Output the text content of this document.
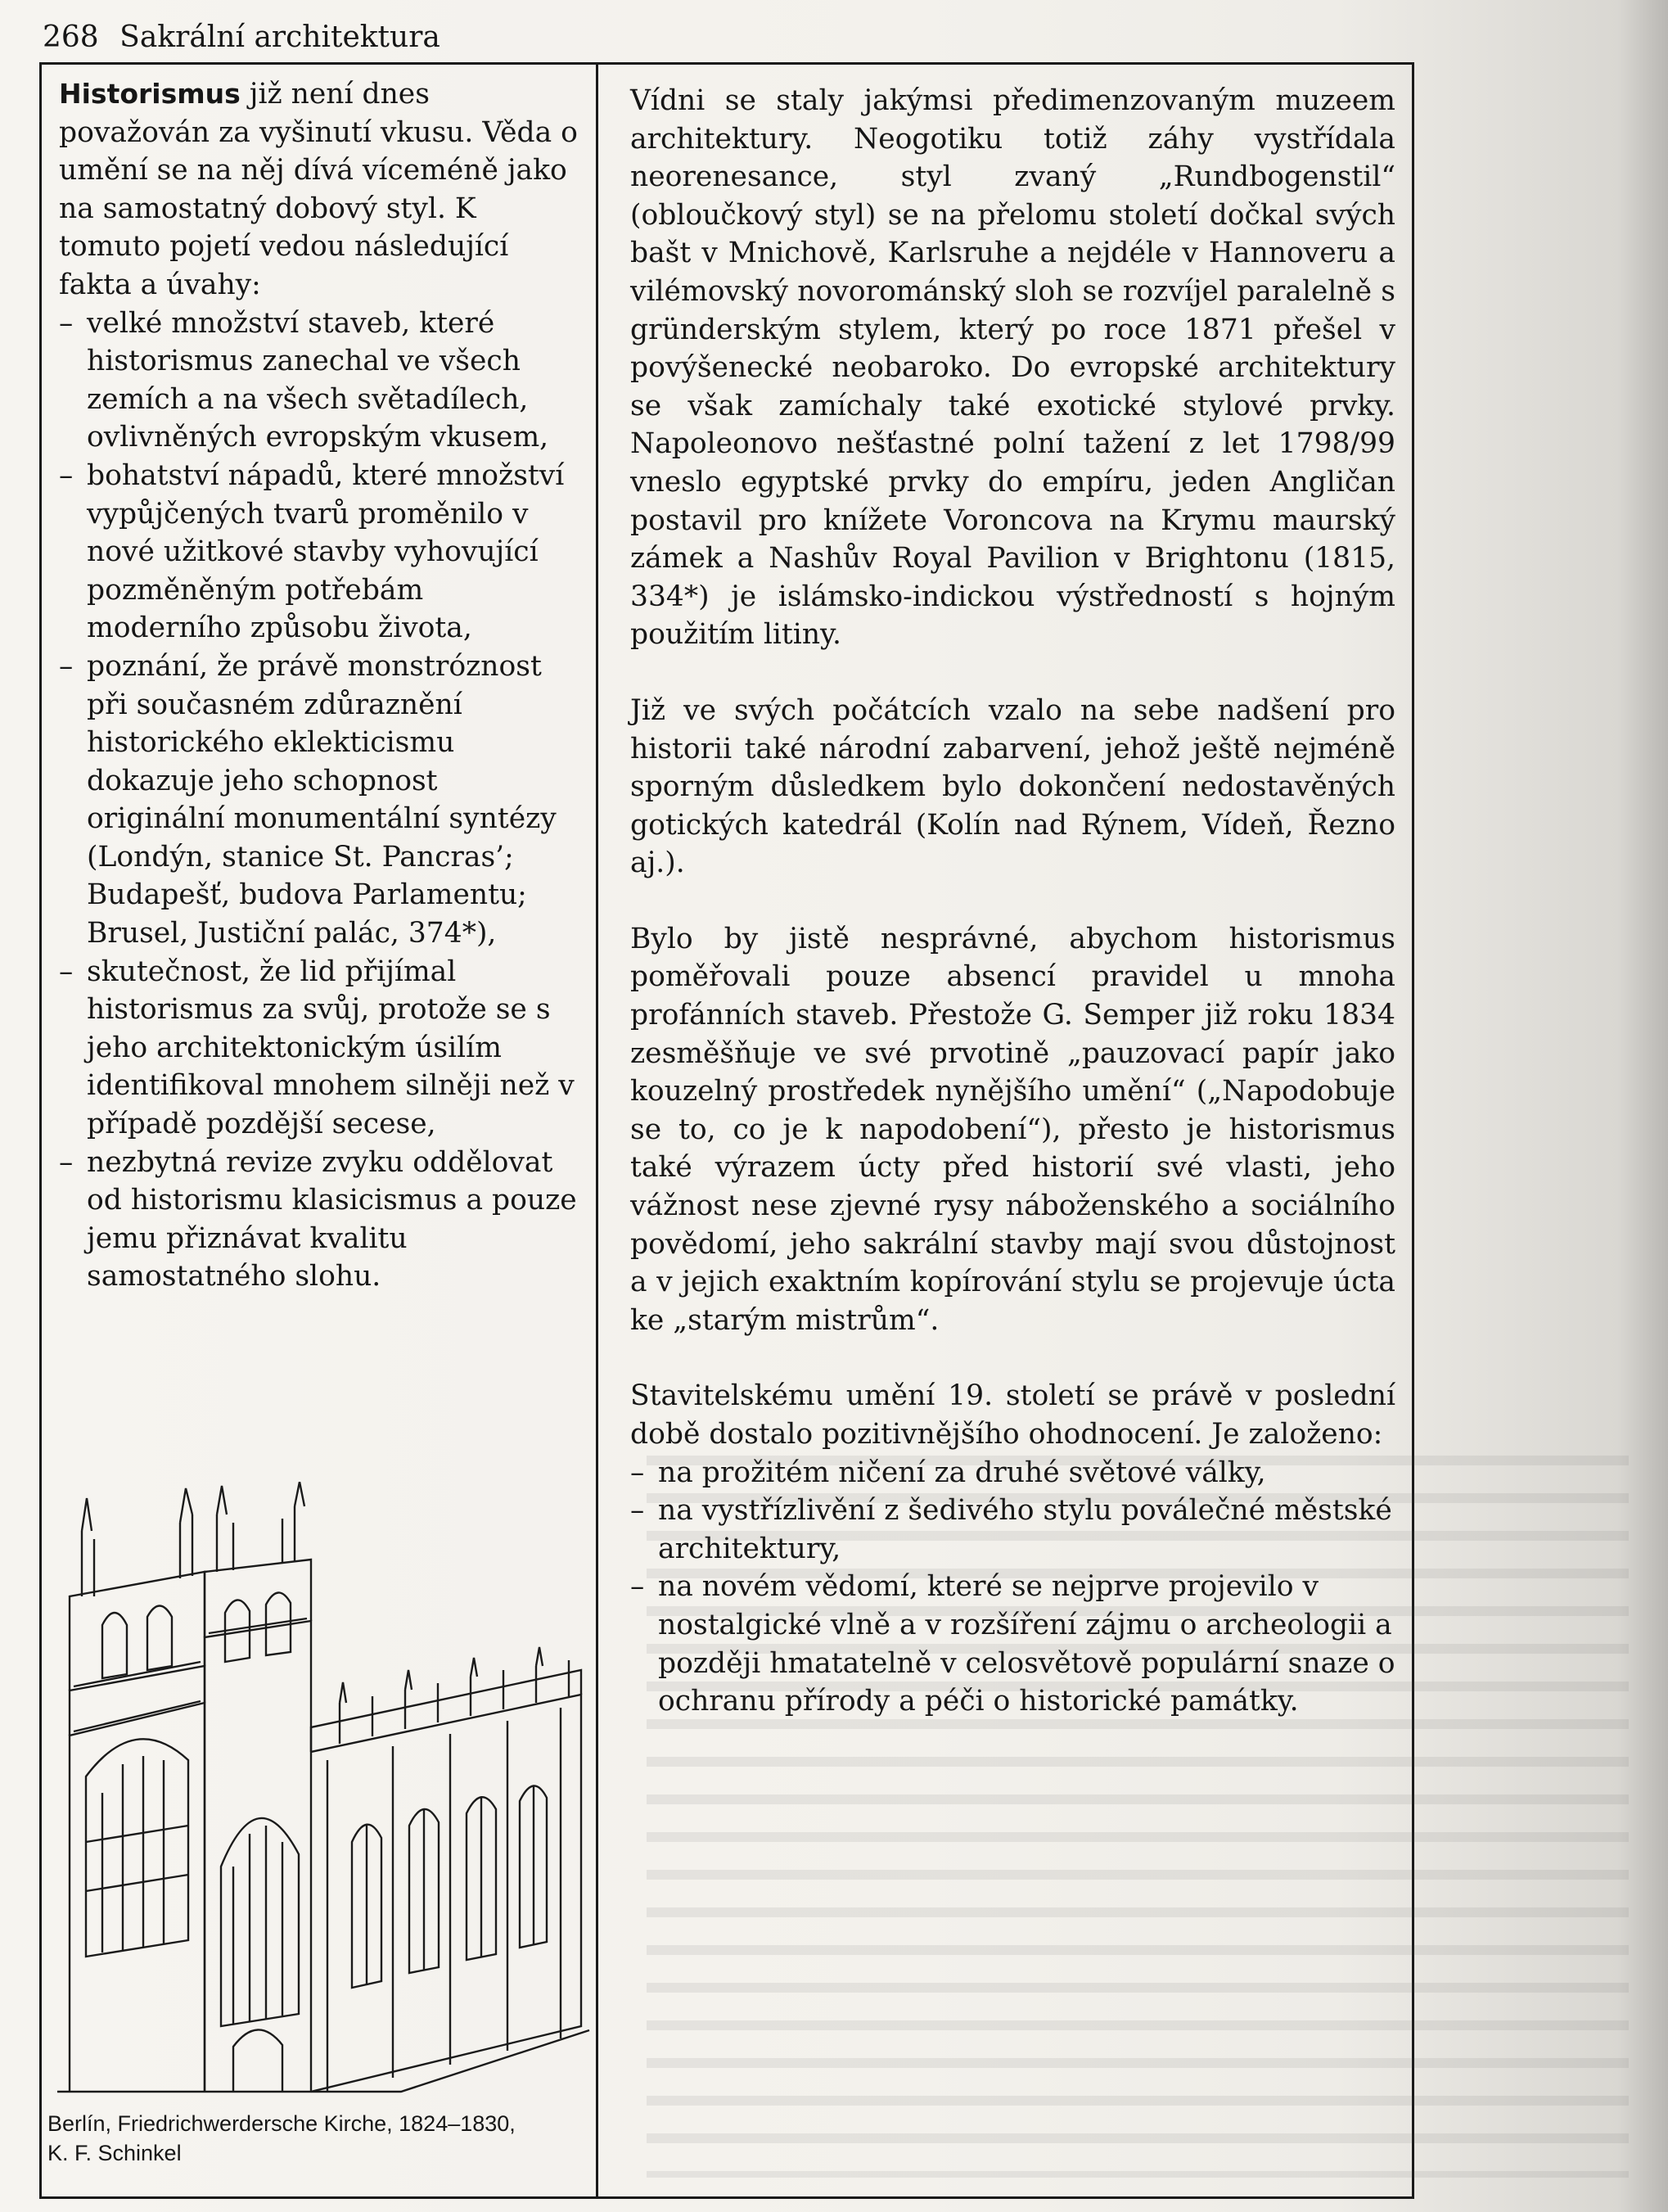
268 Sakrální architektura

Historismus již není dnes považován za vyšinutí vkusu. Věda o umění se na něj dívá víceméně jako na samostatný dobový styl. K tomuto pojetí vedou následující fakta a úvahy:

– velké množství staveb, které historismus zanechal ve všech zemích a na všech světadílech, ovlivněných evropským vkusem,
– bohatství nápadů, které množství vypůjčených tvarů proměnilo v nové užitkové stavby vyhovující pozměněným potřebám moderního způsobu života,
– poznání, že právě monstróznost při současném zdůraznění historického eklekticismu dokazuje jeho schopnost originální monumentální syntézy (Londýn, stanice St. Pancras’; Budapešť, budova Parlamentu; Brusel, Justiční palác, 374*),
– skutečnost, že lid přijímal historismus za svůj, protože se s jeho architektonickým úsilím identifikoval mnohem silněji než v případě pozdější secese,
– nezbytná revize zvyku oddělovat od historismu klasicismus a pouze jemu přiznávat kvalitu samostatného slohu.

Vídni se staly jakýmsi předimenzovaným muzeem architektury. Neogotiku totiž záhy vystřídala neorenesance, styl zvaný „Rundbogenstil“ (obloučkový styl) se na přelomu století dočkal svých bašt v Mnichově, Karlsruhe a nejdéle v Hannoveru a vilémovský novorománský sloh se rozvíjel paralelně s gründerským stylem, který po roce 1871 přešel v povýšenecké neobaroko. Do evropské architektury se však zamíchaly také exotické stylové prvky. Napoleonovo nešťastné polní tažení z let 1798/99 vneslo egyptské prvky do empíru, jeden Angličan postavil pro knížete Voroncova na Krymu maurský zámek a Nashův Royal Pavilion v Brightonu (1815, 334*) je islámsko-indickou výstředností s hojným použitím litiny.

Již ve svých počátcích vzalo na sebe nadšení pro historii také národní zabarvení, jehož ještě nejméně sporným důsledkem bylo dokončení nedostavěných gotických katedrál (Kolín nad Rýnem, Vídeň, Řezno aj.).

Bylo by jistě nesprávné, abychom historismus poměřovali pouze absencí pravidel u mnoha profánních staveb. Přestože G. Semper již roku 1834 zesměšňuje ve své prvotině „pauzovací papír jako kouzelný prostředek nynějšího umění“ („Napodobuje se to, co je k napodobení“), přesto je historismus také výrazem úcty před historií své vlasti, jeho vážnost nese zjevné rysy náboženského a sociálního povědomí, jeho sakrální stavby mají svou důstojnost a v jejich exaktním kopírování stylu se projevuje úcta ke „starým mistrům“.

Stavitelskému umění 19. století se právě v poslední době dostalo pozitivnějšího ohodnocení. Je založeno:

– na prožitém ničení za druhé světové války,
– na vystřízlivění z šedivého stylu poválečné městské architektury,
– na novém vědomí, které se nejprve projevilo v nostalgické vlně a v rozšíření zájmu o archeologii a později hmatatelně v celosvětově populární snaze o ochranu přírody a péči o historické památky.
Berlín, Friedrichwerdersche Kirche, 1824–1830,
K. F. Schinkel
